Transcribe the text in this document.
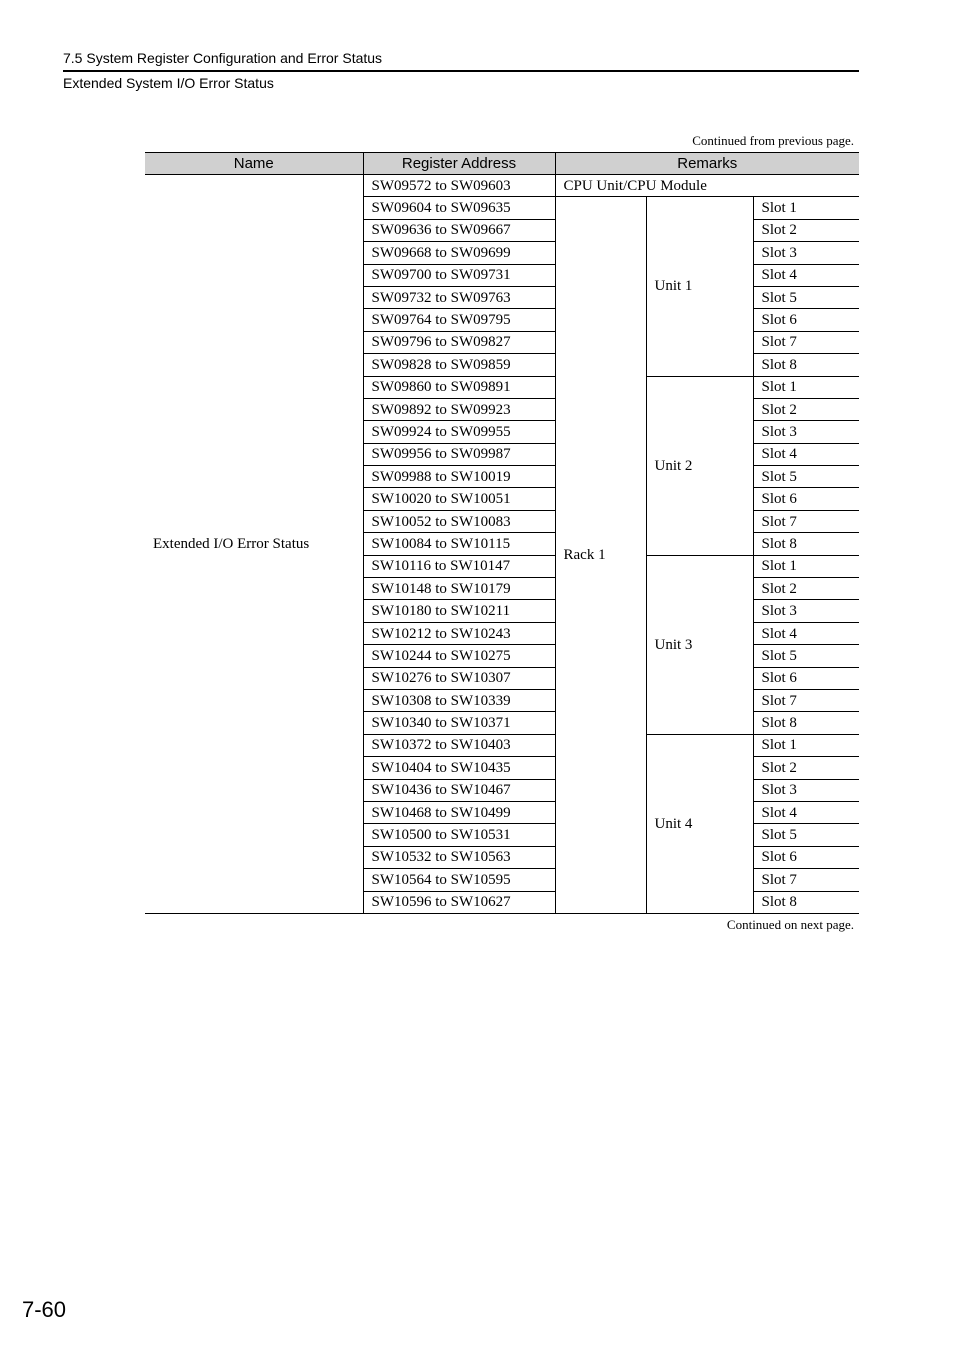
7.5 System Register Configuration and Error Status
Extended System I/O Error Status
Continued from previous page.
Name	Register Address	Remarks		
Extended I/O Error Status	SW09572 to SW09603	CPU Unit/CPU Module		
	SW09604 to SW09635	Rack 1	Unit 1	Slot 1
	SW09636 to SW09667			Slot 2
	SW09668 to SW09699			Slot 3
	SW09700 to SW09731			Slot 4
	SW09732 to SW09763			Slot 5
	SW09764 to SW09795			Slot 6
	SW09796 to SW09827			Slot 7
	SW09828 to SW09859			Slot 8
	SW09860 to SW09891		Unit 2	Slot 1
	SW09892 to SW09923			Slot 2
	SW09924 to SW09955			Slot 3
	SW09956 to SW09987			Slot 4
	SW09988 to SW10019			Slot 5
	SW10020 to SW10051			Slot 6
	SW10052 to SW10083			Slot 7
	SW10084 to SW10115			Slot 8
	SW10116 to SW10147		Unit 3	Slot 1
	SW10148 to SW10179			Slot 2
	SW10180 to SW10211			Slot 3
	SW10212 to SW10243			Slot 4
	SW10244 to SW10275			Slot 5
	SW10276 to SW10307			Slot 6
	SW10308 to SW10339			Slot 7
	SW10340 to SW10371			Slot 8
	SW10372 to SW10403		Unit 4	Slot 1
	SW10404 to SW10435			Slot 2
	SW10436 to SW10467			Slot 3
	SW10468 to SW10499			Slot 4
	SW10500 to SW10531			Slot 5
	SW10532 to SW10563			Slot 6
	SW10564 to SW10595			Slot 7
	SW10596 to SW10627			Slot 8
Continued on next page.
7-60
